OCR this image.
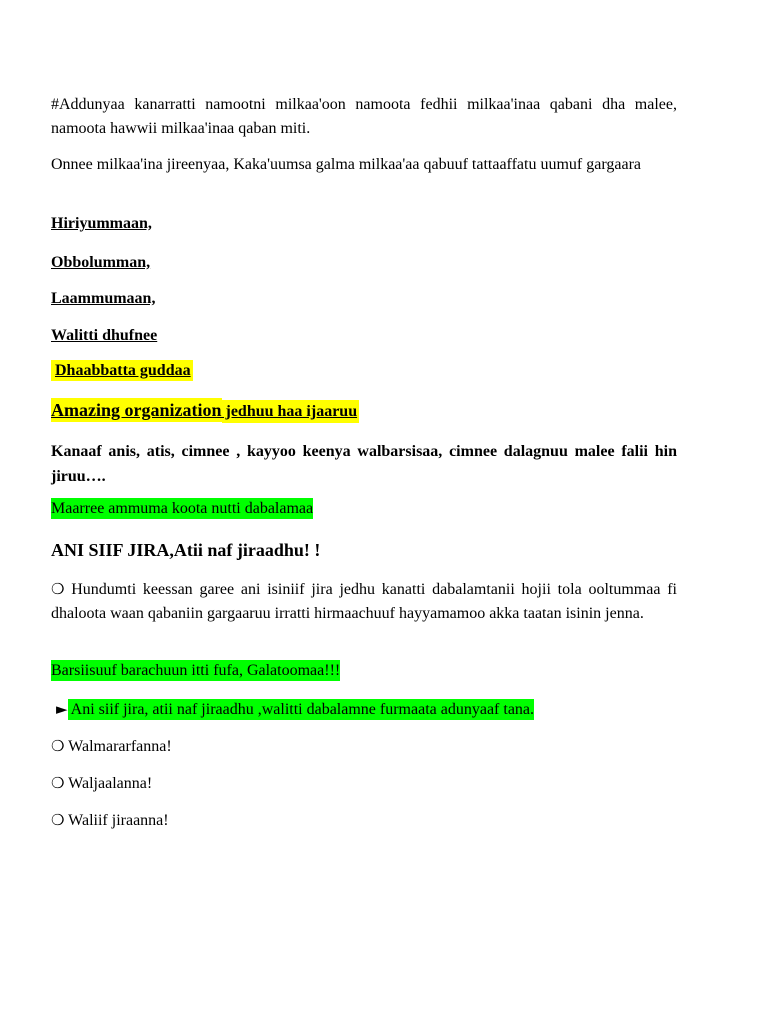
#Addunyaa kanarratti namootni milkaa'oon namoota fedhii milkaa'inaa qabani dha malee, namoota hawwii milkaa'inaa qaban miti.
Onnee milkaa'ina jireenyaa, Kaka'uumsa galma milkaa'aa qabuuf tattaaffatu uumuf gargaara
Hiriyummaan,
Obbolumman,
Laammumaan,
Walitti dhufnee
Dhaabbatta guddaa
Amazing organization jedhuu haa ijaaruu
Kanaaf anis, atis, cimnee , kayyoo keenya walbarsisaa, cimnee dalagnuu malee falii hin jiruu….
Maarree ammuma koota nutti dabalamaa
ANI SIIF JIRA,Atii naf jiraadhu! !
❍ Hundumti keessan garee ani isiniif jira jedhu kanatti dabalamtanii hojii tola ooltummaa fi dhaloota waan qabaniin gargaaruu irratti hirmaachuuf hayyamamoo akka taatan isinin jenna.
Barsiisuuf barachuun itti fufa, Galatoomaa!!!
► Ani siif jira, atii naf jiraadhu ,walitti dabalamne furmaata adunyaaf tana.
❍ Walmararfanna!
❍ Waljaalanna!
❍ Waliif jiraanna!
